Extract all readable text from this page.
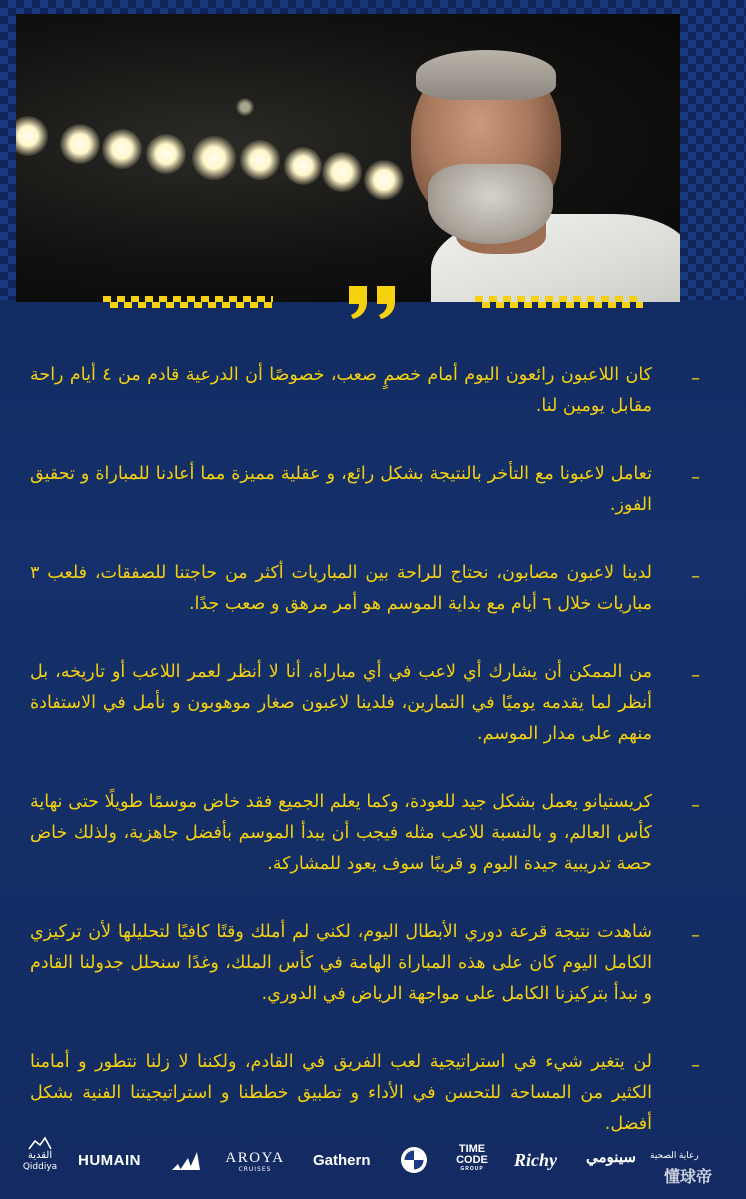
–
كان اللاعبون رائعون اليوم أمام خصمٍ صعب، خصوصًا أن الدرعية قادم من ٤ أيام راحة مقابل يومين لنا.
–
تعامل لاعبونا مع التأخر بالنتيجة بشكل رائع، و عقلية مميزة مما أعادنا للمباراة و تحقيق الفوز.
–
لدينا لاعبون مصابون، نحتاج للراحة بين المباريات أكثر من حاجتنا للصفقات، فلعب ٣ مباريات خلال ٦ أيام مع بداية الموسم هو أمر مرهق و صعب جدًا.
–
من الممكن أن يشارك أي لاعب في أي مباراة، أنا لا أنظر لعمر اللاعب أو تاريخه، بل أنظر لما يقدمه يوميًا في التمارين، فلدينا لاعبون صغار موهوبون و نأمل في الاستفادة منهم على مدار الموسم.
–
كريستيانو يعمل بشكل جيد للعودة، وكما يعلم الجميع فقد خاض موسمًا طويلًا حتى نهاية كأس العالم، و بالنسبة للاعب مثله فيجب أن يبدأ الموسم بأفضل جاهزية، ولذلك خاض حصة تدريبية جيدة اليوم و قريبًا سوف يعود للمشاركة.
–
شاهدت نتيجة قرعة دوري الأبطال اليوم، لكني لم أملك وقتًا كافيًا لتحليلها لأن تركيزي الكامل اليوم كان على هذه المباراة الهامة في كأس الملك، وغدًا سنحلل جدولنا القادم و نبدأ بتركيزنا الكامل على مواجهة الرياض في الدوري.
–
لن يتغير شيء في استراتيجية لعب الفريق في القادم، ولكننا لا زلنا نتطور و أمامنا الكثير من المساحة للتحسن في الأداء و تطبيق خططنا و استراتيجيتنا الفنية بشكل أفضل.
القدية
Qiddiya	HUMAIN	AROYA
CRUISES
Gathern
TIME
CODE
GROUP	Richy سينومي رعاية الصحية
懂球帝
